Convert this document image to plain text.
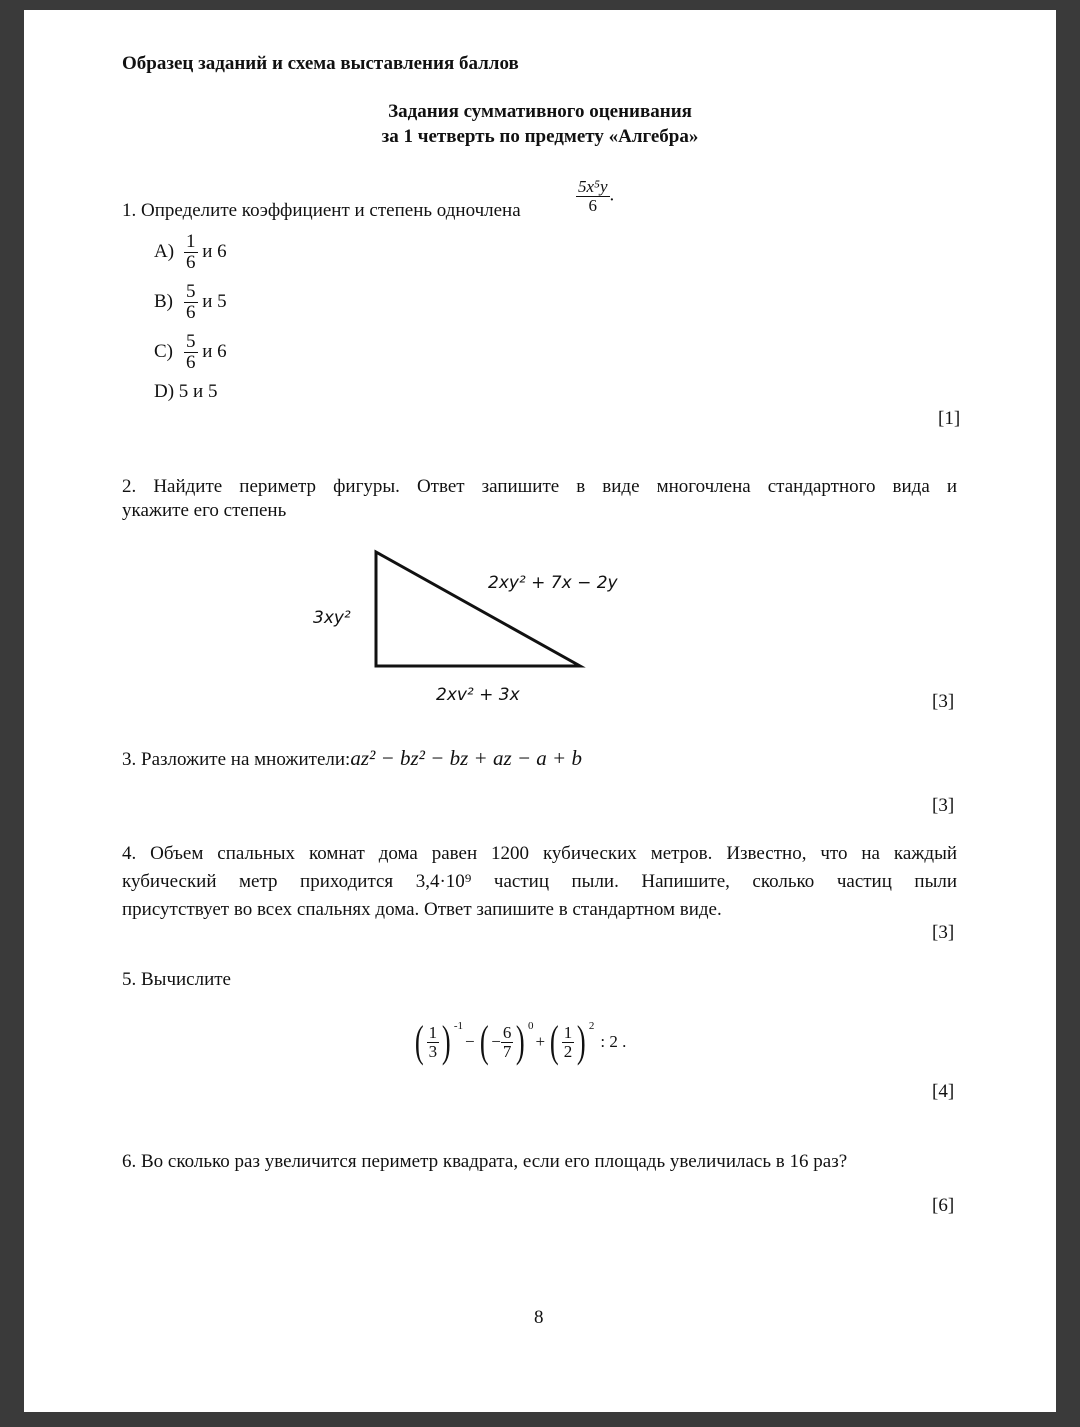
Образец заданий и схема выставления баллов
Задания суммативного оценивания
за 1 четверть по предмету «Алгебра»
1. Определите коэффициент и степень одночлена	$\frac{\text{5x⁵y}}{6}$ .
$A) \frac{1}{6}$ и 6
$B) \frac{5}{6}$ и 5
$C) \frac{5}{6}$ и 6
D) 5 и 5
[1]
2. Найдите периметр фигуры. Ответ запишите в виде многочлена стандартного вида и
укажите его степень
3xy²
2xy² + 7x − 2y
2xv² + 3x	[3]
3. Разложите на множители:az² − bz² − bz + az − a + b
[3]
4. Объем спальных комнат дома равен 1200 кубических метров. Известно, что на каждый
кубический метр приходится 3,4·10⁹ частиц пыли. Напишите, сколько частиц пыли
присутствует во всех спальнях дома. Ответ запишите в стандартном виде.
[3]
5. Вычислите
( $\frac{1}{3}$ ) $^{-1}$
− ( − $\frac{6}{7}$ ) $^0$
+ ( $\frac{1}{2}$ ) $^2$
: 2 .
[4]
6. Во сколько раз увеличится периметр квадрата, если его площадь увеличилась в 16 раз?
[6]
8
